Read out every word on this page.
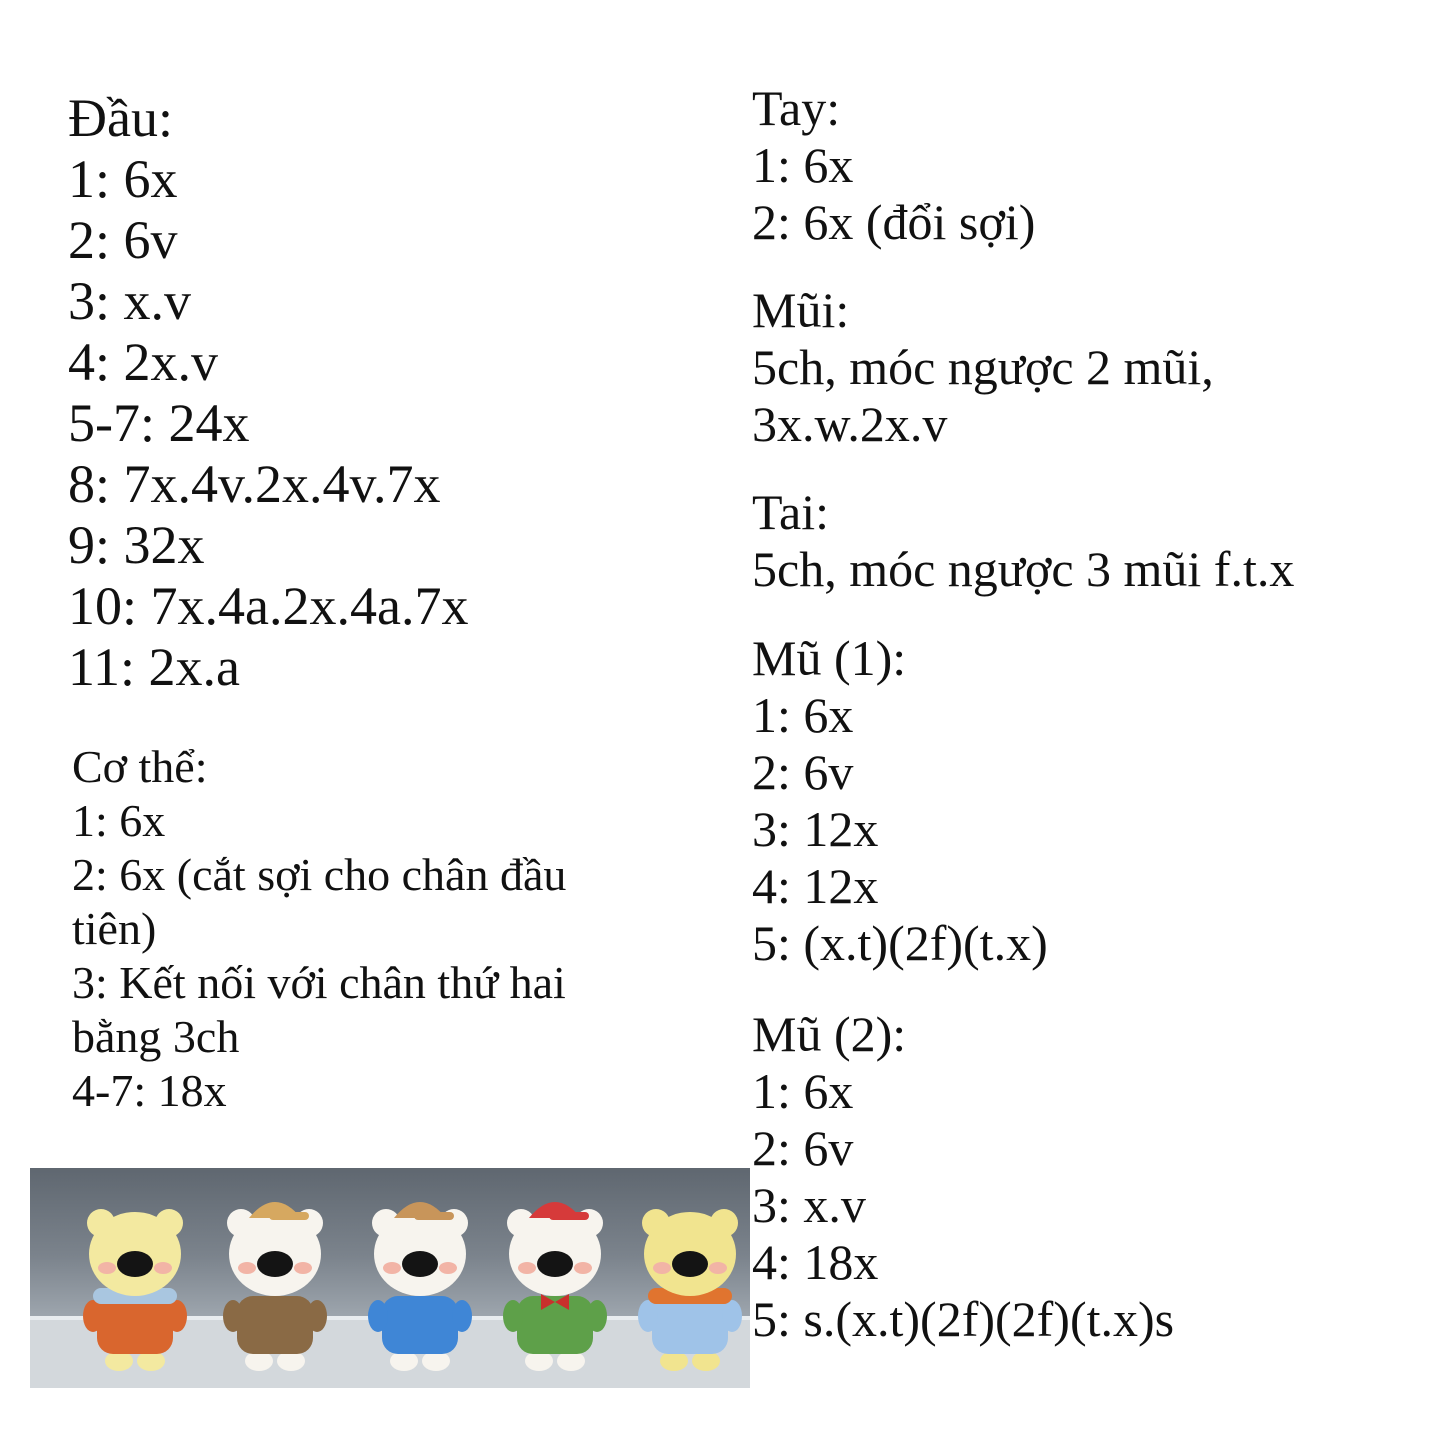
Đầu:

1: 6x

2: 6v

3: x.v

4: 2x.v

5-7: 24x

8: 7x.4v.2x.4v.7x

9: 32x

10: 7x.4a.2x.4a.7x

11: 2x.a

Cơ thể:

1: 6x

2: 6x (cắt sợi cho chân đầu

tiên)

3: Kết nối với chân thứ hai

bằng 3ch

4-7: 18x

Tay:

1: 6x

2: 6x (đổi sợi)

Mũi:

5ch, móc ngược 2 mũi,

3x.w.2x.v

Tai:

5ch, móc ngược 3 mũi f.t.x

Mũ (1):

1: 6x

2: 6v

3: 12x

4: 12x

5: (x.t)(2f)(t.x)

Mũ (2):

1: 6x

2: 6v

3: x.v

4: 18x

5: s.(x.t)(2f)(2f)(t.x)s
